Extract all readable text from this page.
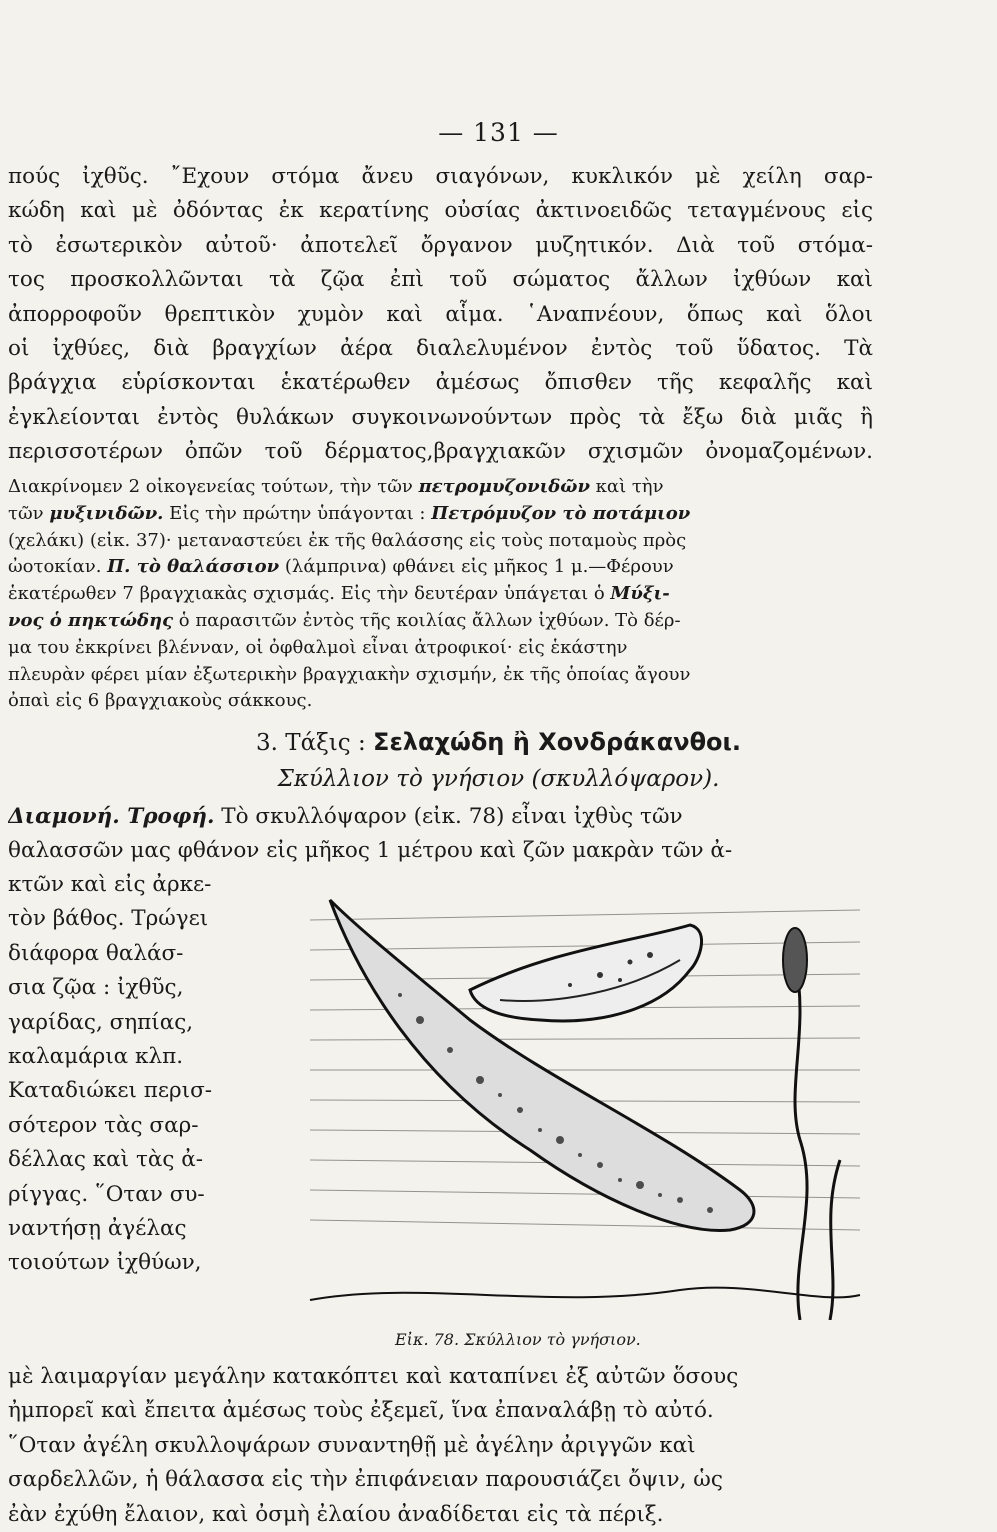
— 131 —
πούς ἰχθῦς. ῎Εχουν στόμα ἄνευ σιαγόνων, κυκλικόν μὲ χείλη σαρ-
κώδη καὶ μὲ ὀδόντας ἐκ κερατίνης οὐσίας ἀκτινοειδῶς τεταγμένους εἰς
τὸ ἐσωτερικὸν αὐτοῦ· ἀποτελεῖ ὄργανον μυζητικόν. Διὰ τοῦ στόμα-
τος προσκολλῶνται τὰ ζῷα ἐπὶ τοῦ σώματος ἄλλων ἰχθύων καὶ
ἀπορροφοῦν θρεπτικὸν χυμὸν καὶ αἷμα. ῾Αναπνέουν, ὅπως καὶ ὅλοι
οἱ ἰχθύες, διὰ βραγχίων ἀέρα διαλελυμένον ἐντὸς τοῦ ὕδατος. Τὰ
βράγχια εὑρίσκονται ἑκατέρωθεν ἀμέσως ὄπισθεν τῆς κεφαλῆς καὶ
ἐγκλείονται ἐντὸς θυλάκων συγκοινωνούντων πρὸς τὰ ἔξω διὰ μιᾶς ἢ
περισσοτέρων ὀπῶν τοῦ δέρματος,βραγχιακῶν σχισμῶν ὀνομαζομένων.
Διακρίνομεν 2 οἰκογενείας τούτων, τὴν τῶν πετρομυζονιδῶν καὶ τὴν
τῶν μυξινιδῶν. Εἰς τὴν πρώτην ὑπάγονται : Πετρόμυζον τὸ ποτάμιον
(χελάκι) (εἰκ. 37)· μεταναστεύει ἐκ τῆς θαλάσσης εἰς τοὺς ποταμοὺς πρὸς
ὠοτοκίαν. Π. τὸ θαλάσσιον (λάμπρινα) φθάνει εἰς μῆκος 1 μ.—Φέρουν
ἑκατέρωθεν 7 βραγχιακὰς σχισμάς. Εἰς τὴν δευτέραν ὑπάγεται ὁ Μύξι-
νος ὁ πηκτώδης ὁ παρασιτῶν ἐντὸς τῆς κοιλίας ἄλλων ἰχθύων. Τὸ δέρ-
μα του ἐκκρίνει βλένναν, οἱ ὀφθαλμοὶ εἶναι ἀτροφικοί· εἰς ἑκάστην
πλευρὰν φέρει μίαν ἐξωτερικὴν βραγχιακὴν σχισμήν, ἐκ τῆς ὁποίας ἄγουν
ὀπαὶ εἰς 6 βραγχιακοὺς σάκκους.
3. Τάξις : Σελαχώδη ἢ Χονδράκανθοι.
Σκύλλιον τὸ γνήσιον (σκυλλόψαρον).
Διαμονή. Τροφή. Τὸ σκυλλόψαρον (εἰκ. 78) εἶναι ἰχθὺς τῶν
θαλασσῶν μας φθάνον εἰς μῆκος 1 μέτρου καὶ ζῶν μακρὰν τῶν ἀ-
κτῶν καὶ εἰς ἀρκε-
τὸν βάθος. Τρώγει
διάφορα θαλάσ-
σια ζῷα : ἰχθῦς,
γαρίδας, σηπίας,
καλαμάρια κλπ.
Καταδιώκει περισ-
σότερον τὰς σαρ-
δέλλας καὶ τὰς ἀ-
ρίγγας. ῞Οταν συ-
ναντήσῃ ἀγέλας
τοιούτων ἰχθύων,
Εἰκ. 78. Σκύλλιον τὸ γνήσιον.
μὲ λαιμαργίαν μεγάλην κατακόπτει καὶ καταπίνει ἐξ αὐτῶν ὅσους
ἠμπορεῖ καὶ ἔπειτα ἀμέσως τοὺς ἐξεμεῖ, ἵνα ἐπαναλάβῃ τὸ αὐτό.
῞Οταν ἀγέλη σκυλλοψάρων συναντηθῇ μὲ ἀγέλην ἀριγγῶν καὶ
σαρδελλῶν, ἡ θάλασσα εἰς τὴν ἐπιφάνειαν παρουσιάζει ὄψιν, ὡς
ἐὰν ἐχύθη ἔλαιον, καὶ ὀσμὴ ἐλαίου ἀναδίδεται εἰς τὰ πέριξ.
